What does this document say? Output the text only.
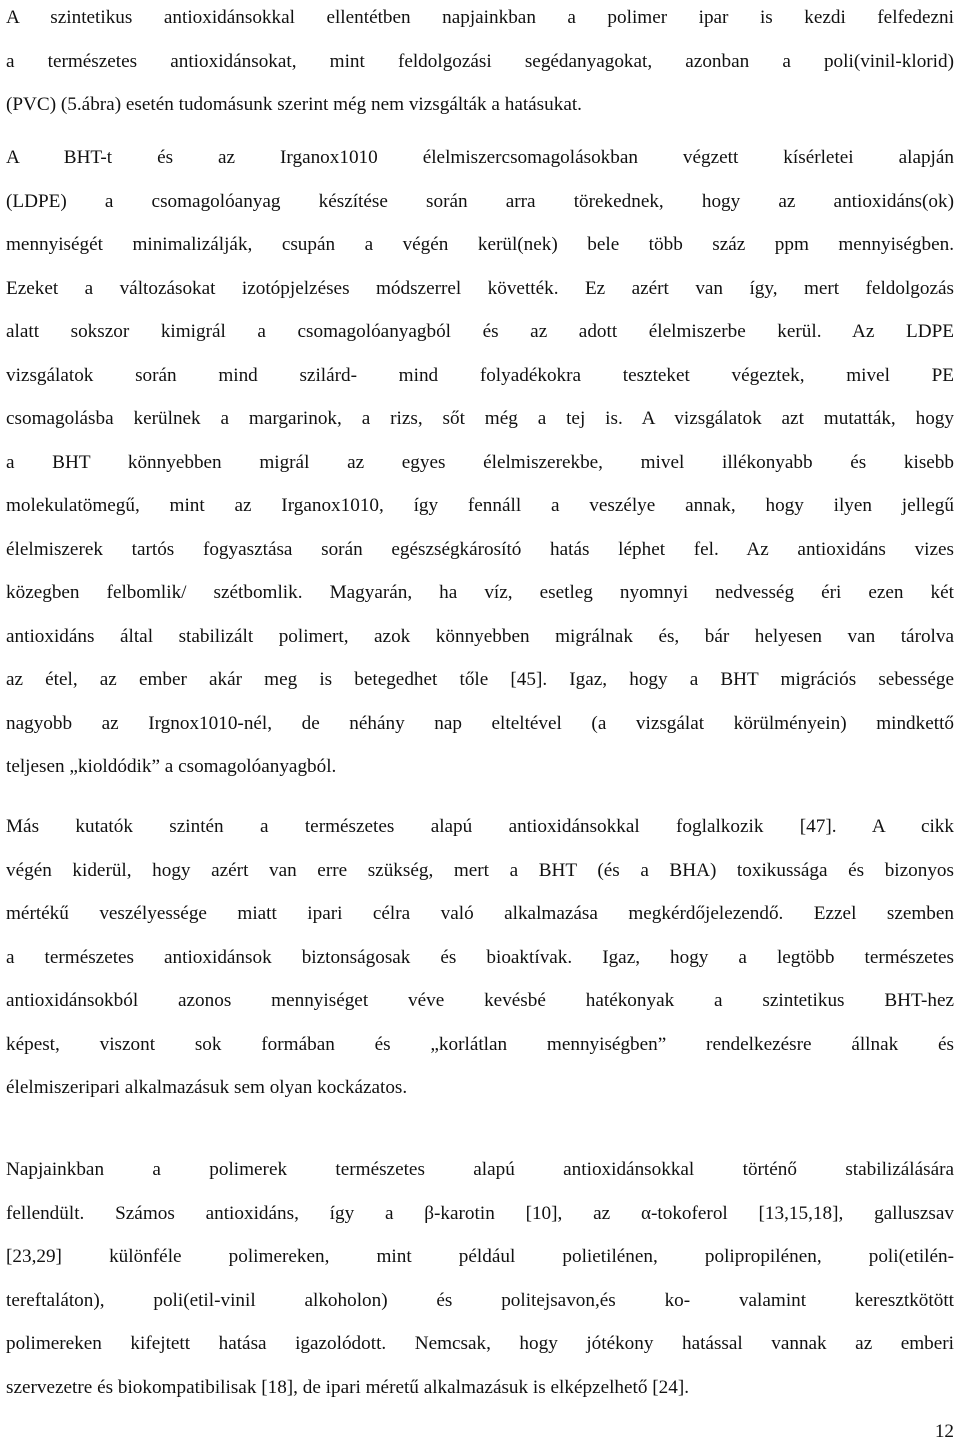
A szintetikus antioxidánsokkal ellentétben napjainkban a polimer ipar is kezdi felfedezni
a természetes antioxidánsokat, mint feldolgozási segédanyagokat, azonban a poli(vinil-klorid)
(PVC) (5.ábra) esetén tudomásunk szerint még nem vizsgálták a hatásukat.
A BHT-t és az Irganox1010 élelmiszercsomagolásokban végzett kísérletei alapján
(LDPE) a csomagolóanyag készítése során arra törekednek, hogy az antioxidáns(ok)
mennyiségét minimalizálják, csupán a végén kerül(nek) bele több száz ppm mennyiségben.
Ezeket a változásokat izotópjelzéses módszerrel követték. Ez azért van így, mert feldolgozás
alatt sokszor kimigrál a csomagolóanyagból és az adott élelmiszerbe kerül. Az LDPE
vizsgálatok során mind szilárd- mind folyadékokra teszteket végeztek, mivel PE
csomagolásba kerülnek a margarinok, a rizs, sőt még a tej is. A vizsgálatok azt mutatták, hogy
a BHT könnyebben migrál az egyes élelmiszerekbe, mivel illékonyabb és kisebb
molekulatömegű, mint az Irganox1010, így fennáll a veszélye annak, hogy ilyen jellegű
élelmiszerek tartós fogyasztása során egészségkárosító hatás léphet fel. Az antioxidáns vizes
közegben felbomlik/ szétbomlik. Magyarán, ha víz, esetleg nyomnyi nedvesség éri ezen két
antioxidáns által stabilizált polimert, azok könnyebben migrálnak és, bár helyesen van tárolva
az étel, az ember akár meg is betegedhet tőle [45]. Igaz, hogy a BHT migrációs sebessége
nagyobb az Irgnox1010-nél, de néhány nap elteltével (a vizsgálat körülményein) mindkettő
teljesen „kioldódik” a csomagolóanyagból.
Más kutatók szintén a természetes alapú antioxidánsokkal foglalkozik [47]. A cikk
végén kiderül, hogy azért van erre szükség, mert a BHT (és a BHA) toxikussága és bizonyos
mértékű veszélyessége miatt ipari célra való alkalmazása megkérdőjelezendő. Ezzel szemben
a természetes antioxidánsok biztonságosak és bioaktívak. Igaz, hogy a legtöbb természetes
antioxidánsokból azonos mennyiséget véve kevésbé hatékonyak a szintetikus BHT-hez
képest, viszont sok formában és „korlátlan mennyiségben” rendelkezésre állnak és
élelmiszeripari alkalmazásuk sem olyan kockázatos.
Napjainkban a polimerek természetes alapú antioxidánsokkal történő stabilizálására
fellendült. Számos antioxidáns, így a β-karotin [10], az α-tokoferol [13,15,18], galluszsav
[23,29] különféle polimereken, mint például polietilénen, polipropilénen, poli(etilén-
tereftaláton), poli(etil-vinil alkoholon) és politejsavon,és ko- valamint keresztkötött
polimereken kifejtett hatása igazolódott. Nemcsak, hogy jótékony hatással vannak az emberi
szervezetre és biokompatibilisak [18], de ipari méretű alkalmazásuk is elképzelhető [24].
12
